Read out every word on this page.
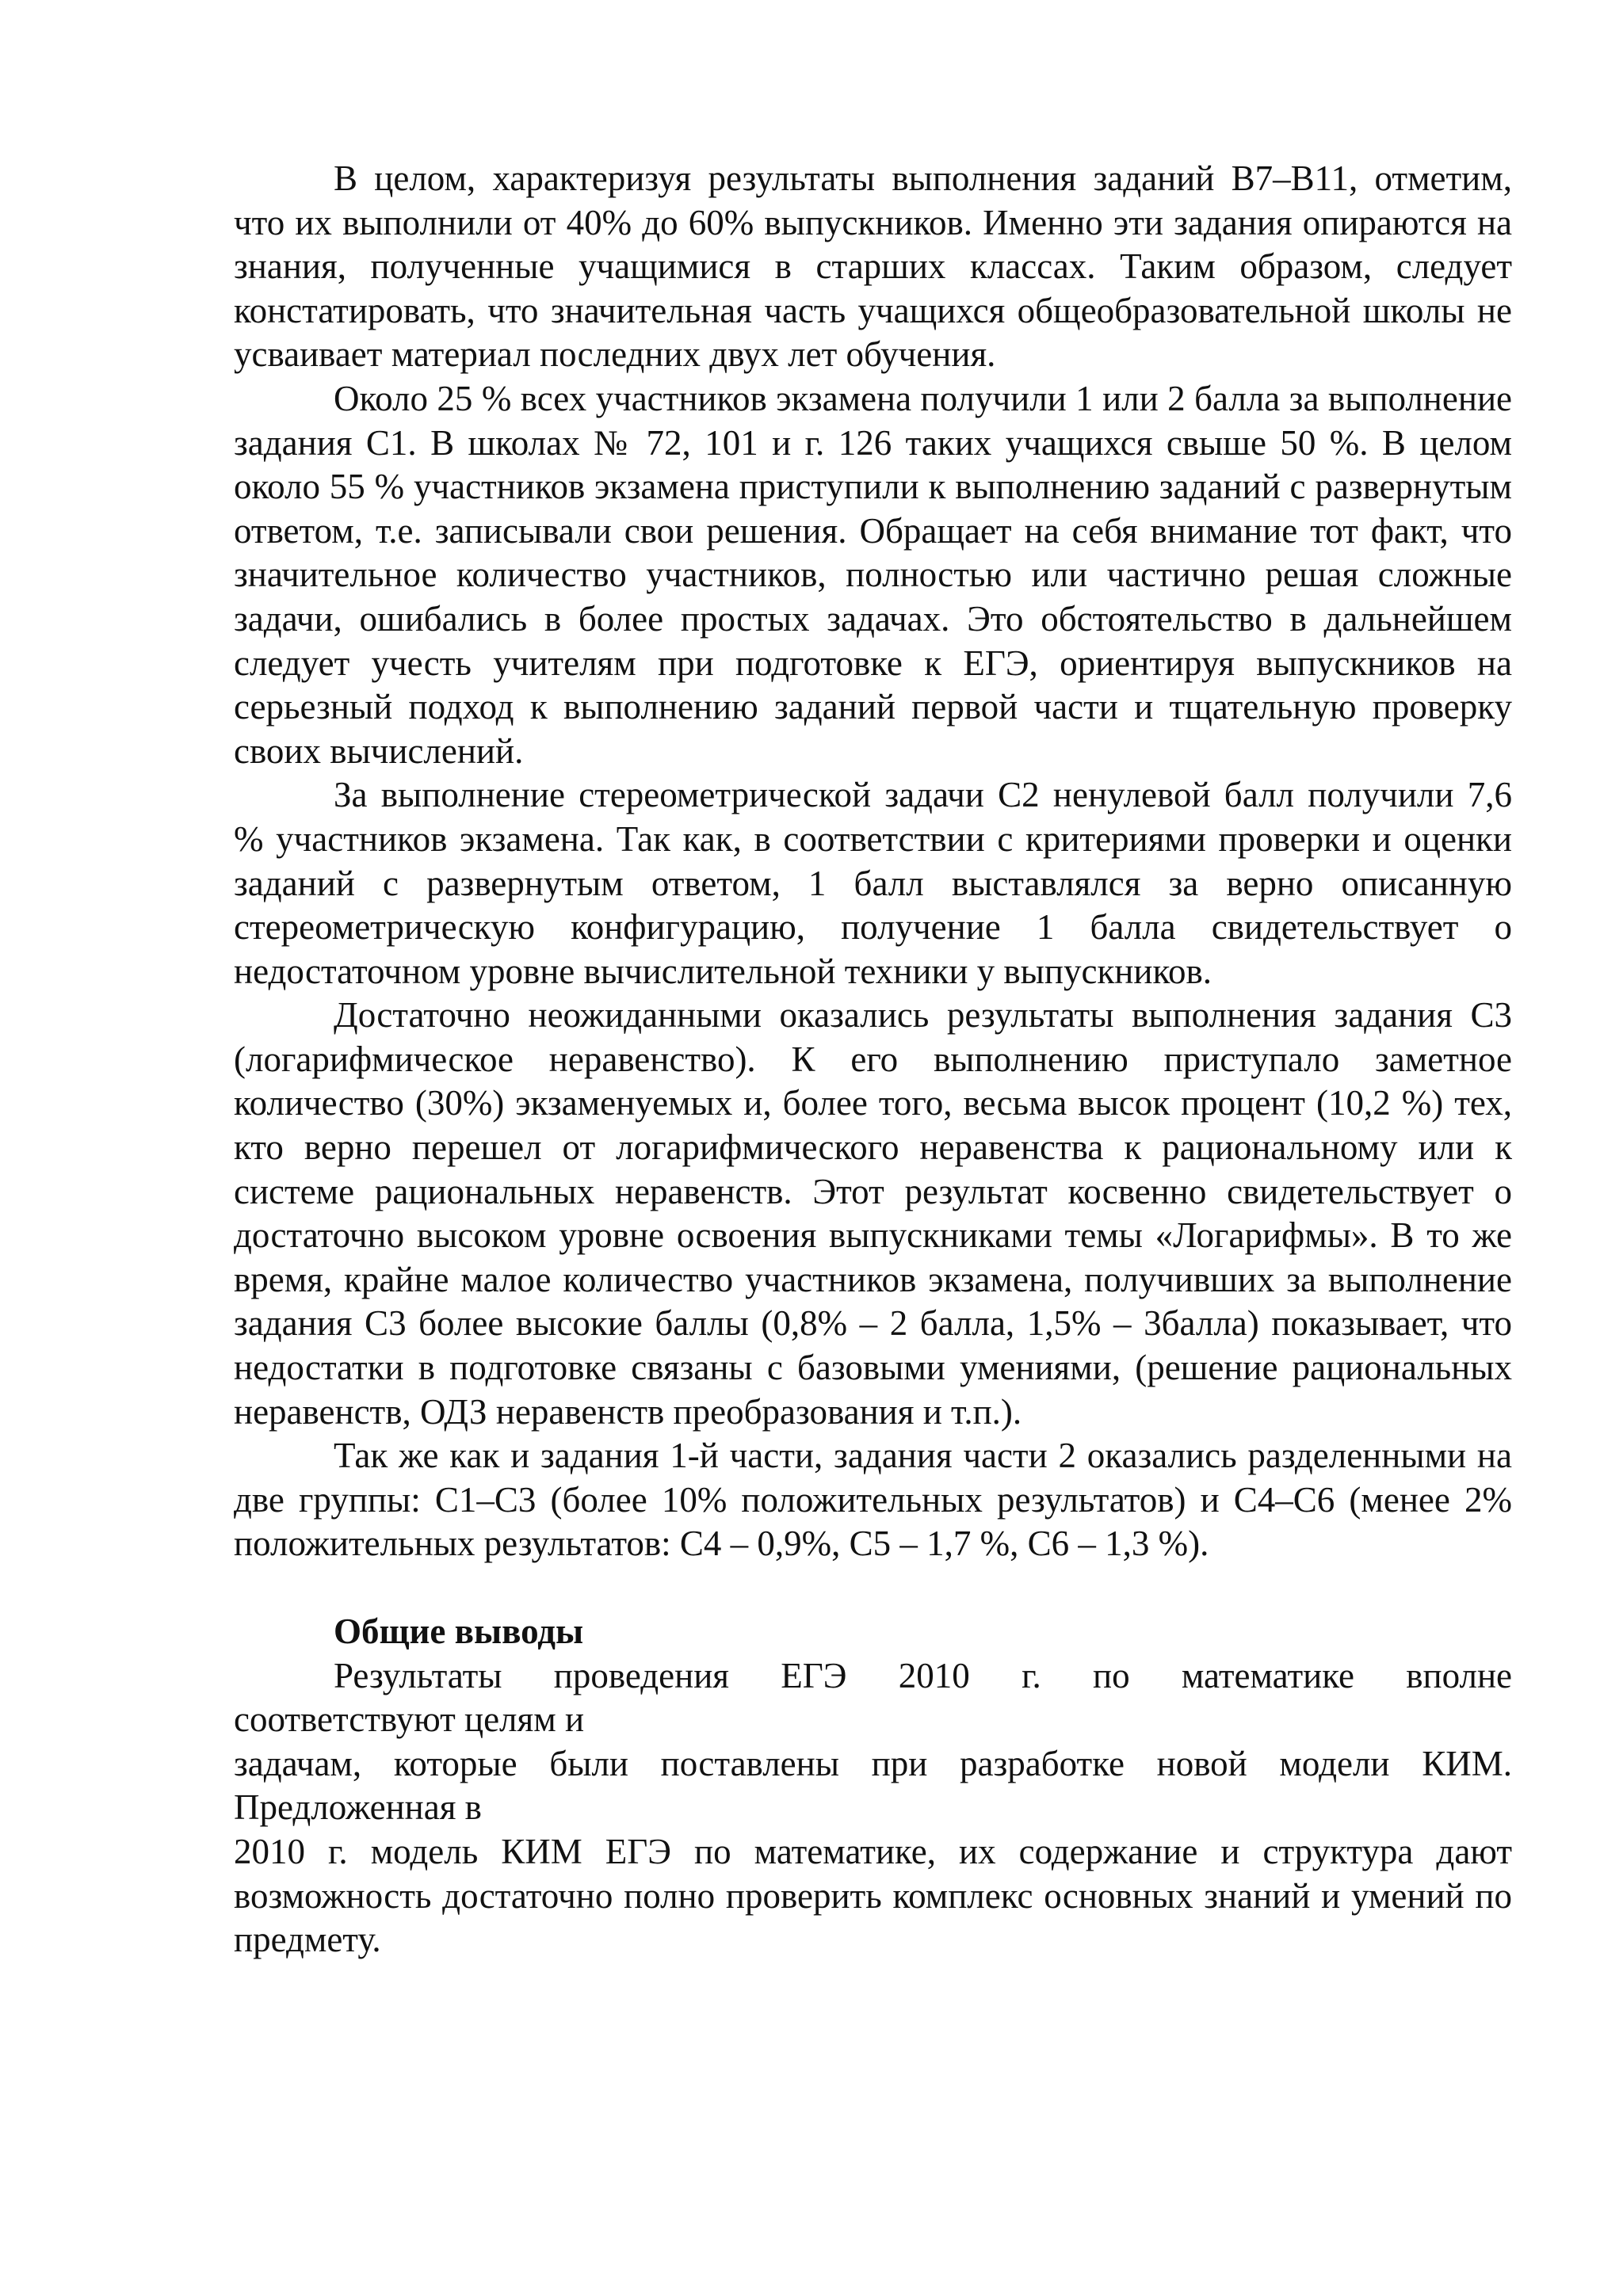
В целом, характеризуя результаты выполнения заданий В7–В11, отметим, что их выполнили от 40% до 60% выпускников. Именно эти задания опираются на знания, полученные учащимися в старших классах. Таким образом, следует констатировать, что значительная часть учащихся общеобразовательной школы не усваивает материал последних двух лет обучения.

Около 25 % всех участников экзамена получили 1 или 2 балла за выполнение задания С1. В школах № 72, 101 и г. 126 таких учащихся свыше 50 %. В целом около 55 % участников экзамена приступили к выполнению заданий с развернутым ответом, т.е. записывали свои решения. Обращает на себя внимание тот факт, что значительное количество участников, полностью или частично решая сложные задачи, ошибались в более простых задачах. Это обстоятельство в дальнейшем следует учесть учителям при подготовке к ЕГЭ, ориентируя выпускников на серьезный подход к выполнению заданий первой части и тщательную проверку своих вычислений.

За выполнение стереометрической задачи С2 ненулевой балл получили 7,6 % участников экзамена. Так как, в соответствии с критериями проверки и оценки заданий с развернутым ответом, 1 балл выставлялся за верно описанную стереометрическую конфигурацию, получение 1 балла свидетельствует о недостаточном уровне вычислительной техники у выпускников.

Достаточно неожиданными оказались результаты выполнения задания С3 (логарифмическое неравенство). К его выполнению приступало заметное количество (30%) экзаменуемых и, более того, весьма высок процент (10,2 %) тех, кто верно перешел от логарифмического неравенства к рациональному или к системе рациональных неравенств. Этот результат косвенно свидетельствует о достаточно высоком уровне освоения выпускниками темы «Логарифмы». В то же время, крайне малое количество участников экзамена, получивших за выполнение задания С3 более высокие баллы (0,8% – 2 балла, 1,5% – 3балла) показывает, что недостатки в подготовке связаны с базовыми умениями, (решение рациональных неравенств, ОДЗ неравенств преобразования и т.п.).

Так же как и задания 1-й части, задания части 2 оказались разделенными на две группы: С1–С3 (более 10% положительных результатов) и С4–С6 (менее 2% положительных результатов: С4 – 0,9%, С5 – 1,7 %, С6 – 1,3 %).

Общие выводы

Результаты проведения ЕГЭ 2010 г. по математике вполне

соответствуют целям и

задачам, которые были поставлены при разработке новой модели КИМ.

Предложенная в

2010 г. модель КИМ ЕГЭ по математике, их содержание и структура дают возможность достаточно полно проверить комплекс основных знаний и умений по предмету.
